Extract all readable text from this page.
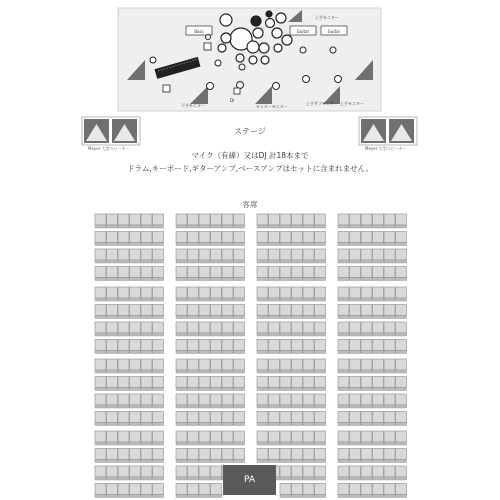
Bass	Guitar	Guitar
上手モニター
下手モニター	センターモニター
上手サブモニター 上手モニター
DI
Meyer 大型スピーカー	Meyer 大型スピーカー
ステージ
マイク（有線）又はDJ 計18本まで
ドラム,キーボード,ギターアンプ,ベースアンプはセットに含まれません。
客席
PA
